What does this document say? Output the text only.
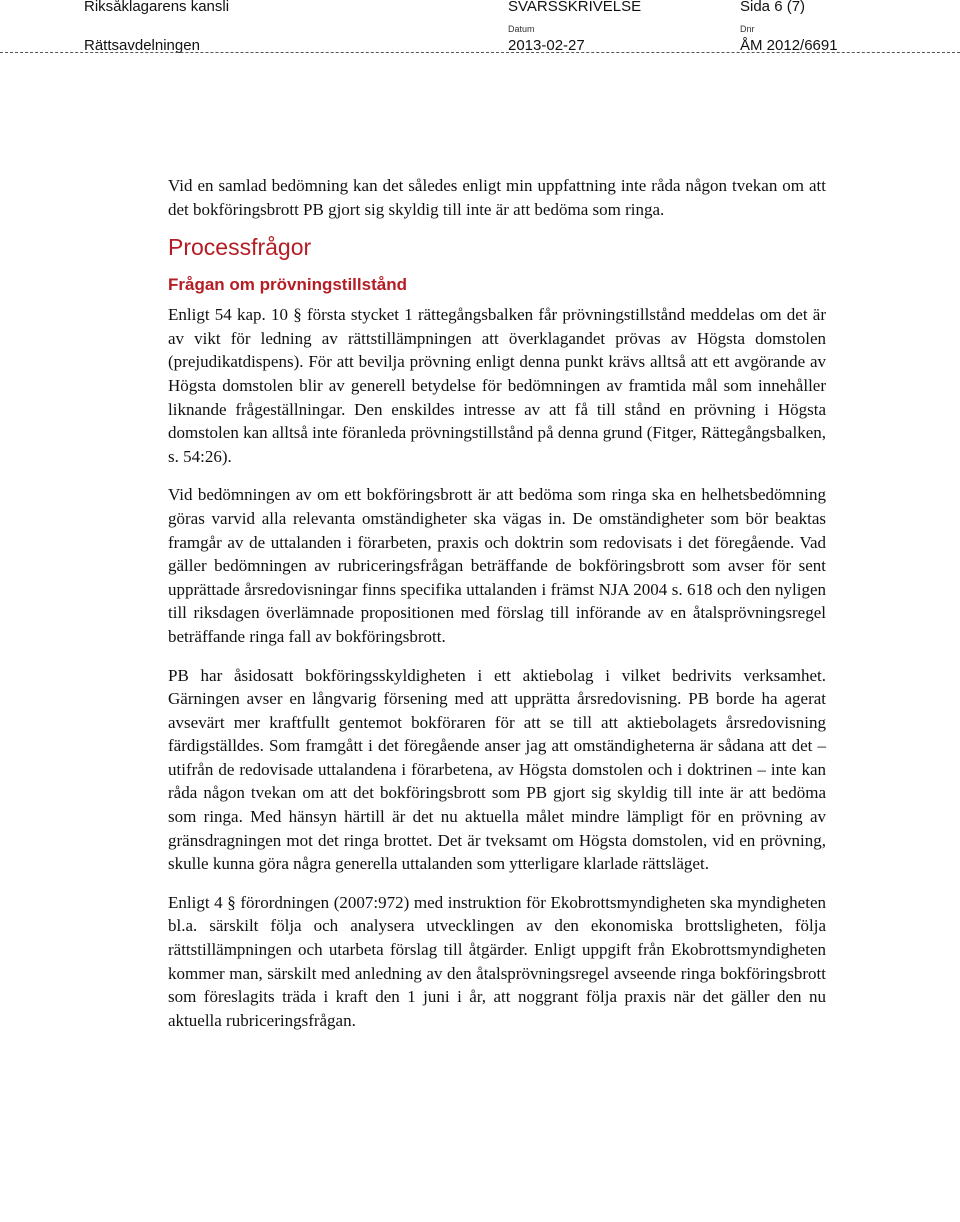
Riksåklagarens kansli
Rättsavdelningen
SVARSSKRIVELSE
Datum
2013-02-27
Dnr
ÅM 2012/6691
Sida 6 (7)

Vid en samlad bedömning kan det således enligt min uppfattning inte råda någon tvekan om att det bokföringsbrott PB gjort sig skyldig till inte är att bedöma som ringa.

Processfrågor
Frågan om prövningstillstånd

Enligt 54 kap. 10 § första stycket 1 rättegångsbalken får prövningstillstånd meddelas om det är av vikt för ledning av rättstillämpningen att överklagandet prövas av Högsta domstolen (prejudikatdispens). För att bevilja prövning enligt denna punkt krävs alltså att ett avgörande av Högsta domstolen blir av generell betydelse för bedömningen av framtida mål som innehåller liknande frågeställningar. Den enskildes intresse av att få till stånd en prövning i Högsta domstolen kan alltså inte föranleda prövningstillstånd på denna grund (Fitger, Rättegångsbalken, s. 54:26).

Vid bedömningen av om ett bokföringsbrott är att bedöma som ringa ska en helhetsbedömning göras varvid alla relevanta omständigheter ska vägas in. De omständigheter som bör beaktas framgår av de uttalanden i förarbeten, praxis och doktrin som redovisats i det föregående. Vad gäller bedömningen av rubriceringsfrågan beträffande de bokföringsbrott som avser för sent upprättade årsredovisningar finns specifika uttalanden i främst NJA 2004 s. 618 och den nyligen till riksdagen överlämnade propositionen med förslag till införande av en åtalsprövningsregel beträffande ringa fall av bokföringsbrott.

PB har åsidosatt bokföringsskyldigheten i ett aktiebolag i vilket bedrivits verksamhet. Gärningen avser en långvarig försening med att upprätta årsredovisning. PB borde ha agerat avsevärt mer kraftfullt gentemot bokföraren för att se till att aktiebolagets årsredovisning färdigställdes. Som framgått i det föregående anser jag att omständigheterna är sådana att det – utifrån de redovisade uttalandena i förarbetena, av Högsta domstolen och i doktrinen – inte kan råda någon tvekan om att det bokföringsbrott som PB gjort sig skyldig till inte är att bedöma som ringa. Med hänsyn härtill är det nu aktuella målet mindre lämpligt för en prövning av gränsdragningen mot det ringa brottet. Det är tveksamt om Högsta domstolen, vid en prövning, skulle kunna göra några generella uttalanden som ytterligare klarlade rättsläget.

Enligt 4 § förordningen (2007:972) med instruktion för Ekobrottsmyndigheten ska myndigheten bl.a. särskilt följa och analysera utvecklingen av den ekonomiska brottsligheten, följa rättstillämpningen och utarbeta förslag till åtgärder. Enligt uppgift från Ekobrottsmyndigheten kommer man, särskilt med anledning av den åtalsprövningsregel avseende ringa bokföringsbrott som föreslagits träda i kraft den 1 juni i år, att noggrant följa praxis när det gäller den nu aktuella rubriceringsfrågan.
